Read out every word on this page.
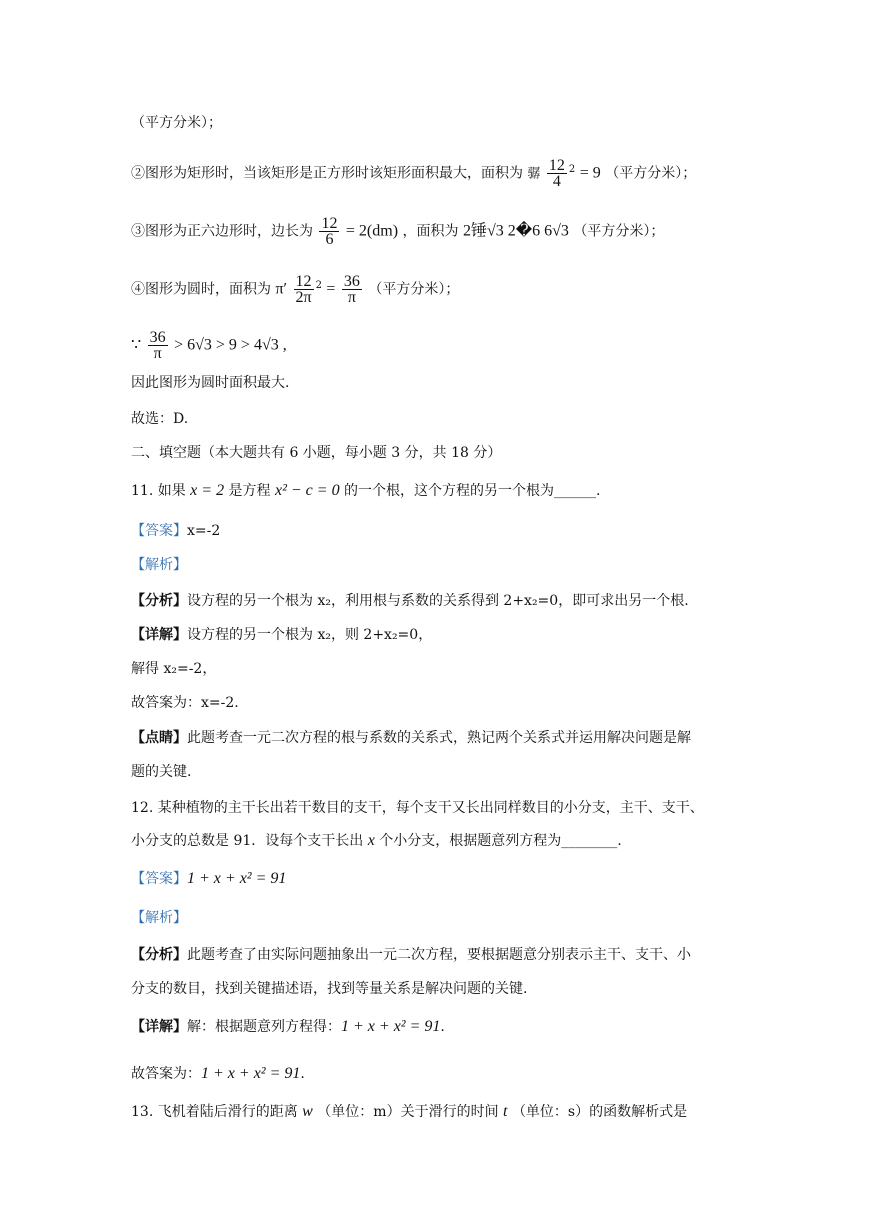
（平方分米）；
②图形为矩形时，当该矩形是正方形时该矩形面积最大，面积为 骣 $\frac{12}{4} ^2 = 9$ （平方分米）；
③图形为正六边形时，边长为 $\frac{12}{6} = 2(dm)$ ，面积为 2锤√3 2�6 6√3 （平方分米）；
④图形为圆时，面积为 $\pi' \frac{12}{2\pi} ^2 = \frac{36}{\pi}$ （平方分米）；
∵ $\frac{36}{\pi} > 6√3 > 9 > 4√3$ ,
因此图形为圆时面积最大.
故选：D.
二、填空题（本大题共有 6 小题，每小题 3 分，共 18 分）
11. 如果 x = 2 是方程 x² − c = 0 的一个根，这个方程的另一个根为______.
【答案】x=-2
【解析】
【分析】设方程的另一个根为 x₂，利用根与系数的关系得到 2+x₂=0，即可求出另一个根.
【详解】设方程的另一个根为 x₂，则 2+x₂=0，
解得 x₂=-2，
故答案为：x=-2.
【点睛】此题考查一元二次方程的根与系数的关系式，熟记两个关系式并运用解决问题是解
题的关键.
12. 某种植物的主干长出若干数目的支干，每个支干又长出同样数目的小分支，主干、支干、
小分支的总数是 91．设每个支干长出 x 个小分支，根据题意列方程为________.
【答案】1 + x + x² = 91
【解析】
【分析】此题考查了由实际问题抽象出一元二次方程，要根据题意分别表示主干、支干、小
分支的数目，找到关键描述语，找到等量关系是解决问题的关键.
【详解】解：根据题意列方程得：1 + x + x² = 91.
故答案为：1 + x + x² = 91.
13. 飞机着陆后滑行的距离 w （单位：m）关于滑行的时间 t （单位：s）的函数解析式是
